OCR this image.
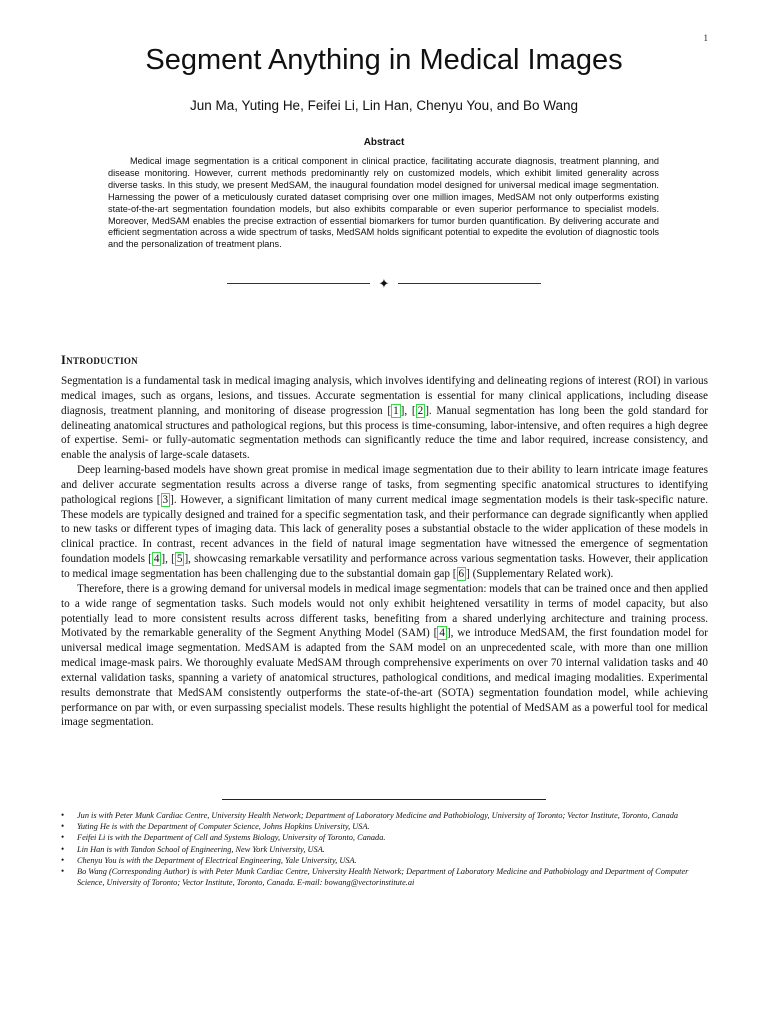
1
Segment Anything in Medical Images
Jun Ma, Yuting He, Feifei Li, Lin Han, Chenyu You, and Bo Wang
Abstract

Medical image segmentation is a critical component in clinical practice, facilitating accurate diagnosis, treatment planning, and disease monitoring. However, current methods predominantly rely on customized models, which exhibit limited generality across diverse tasks. In this study, we present MedSAM, the inaugural foundation model designed for universal medical image segmentation. Harnessing the power of a meticulously curated dataset comprising over one million images, MedSAM not only outperforms existing state-of-the-art segmentation foundation models, but also exhibits comparable or even superior performance to specialist models. Moreover, MedSAM enables the precise extraction of essential biomarkers for tumor burden quantification. By delivering accurate and efficient segmentation across a wide spectrum of tasks, MedSAM holds significant potential to expedite the evolution of diagnostic tools and the personalization of treatment plans.

✦
Introduction

Segmentation is a fundamental task in medical imaging analysis, which involves identifying and delineating regions of interest (ROI) in various medical images, such as organs, lesions, and tissues. Accurate segmentation is essential for many clinical applications, including disease diagnosis, treatment planning, and monitoring of disease progression [ 1 ], [ 2 ]. Manual segmentation has long been the gold standard for delineating anatomical structures and pathological regions, but this process is time-consuming, labor-intensive, and often requires a high degree of expertise. Semi- or fully-automatic segmentation methods can significantly reduce the time and labor required, increase consistency, and enable the analysis of large-scale datasets.

Deep learning-based models have shown great promise in medical image segmentation due to their ability to learn intricate image features and deliver accurate segmentation results across a diverse range of tasks, from segmenting specific anatomical structures to identifying pathological regions [ 3 ]. However, a significant limitation of many current medical image segmentation models is their task-specific nature. These models are typically designed and trained for a specific segmentation task, and their performance can degrade significantly when applied to new tasks or different types of imaging data. This lack of generality poses a substantial obstacle to the wider application of these models in clinical practice. In contrast, recent advances in the field of natural image segmentation have witnessed the emergence of segmentation foundation models [ 4 ], [ 5 ], showcasing remarkable versatility and performance across various segmentation tasks. However, their application to medical image segmentation has been challenging due to the substantial domain gap [ 6 ] (Supplementary Related work).

Therefore, there is a growing demand for universal models in medical image segmentation: models that can be trained once and then applied to a wide range of segmentation tasks. Such models would not only exhibit heightened versatility in terms of model capacity, but also potentially lead to more consistent results across different tasks, benefiting from a shared underlying architecture and training process. Motivated by the remarkable generality of the Segment Anything Model (SAM) [ 4 ], we introduce MedSAM, the first foundation model for universal medical image segmentation. MedSAM is adapted from the SAM model on an unprecedented scale, with more than one million medical image-mask pairs. We thoroughly evaluate MedSAM through comprehensive experiments on over 70 internal validation tasks and 40 external validation tasks, spanning a variety of anatomical structures, pathological conditions, and medical imaging modalities. Experimental results demonstrate that MedSAM consistently outperforms the state-of-the-art (SOTA) segmentation foundation model, while achieving performance on par with, or even surpassing specialist models. These results highlight the potential of MedSAM as a powerful tool for medical image segmentation.

• Jun is with Peter Munk Cardiac Centre, University Health Network; Department of Laboratory Medicine and Pathobiology, University of Toronto; Vector Institute, Toronto, Canada
• Yuting He is with the Department of Computer Science, Johns Hopkins University, USA.
• Feifei Li is with the Department of Cell and Systems Biology, University of Toronto, Canada.
• Lin Han is with Tandon School of Engineering, New York University, USA.
• Chenyu You is with the Department of Electrical Engineering, Yale University, USA.
• Bo Wang (Corresponding Author) is with Peter Munk Cardiac Centre, University Health Network; Department of Laboratory Medicine and Pathobiology and Department of Computer Science, University of Toronto; Vector Institute, Toronto, Canada. E-mail: bowang@vectorinstitute.ai
